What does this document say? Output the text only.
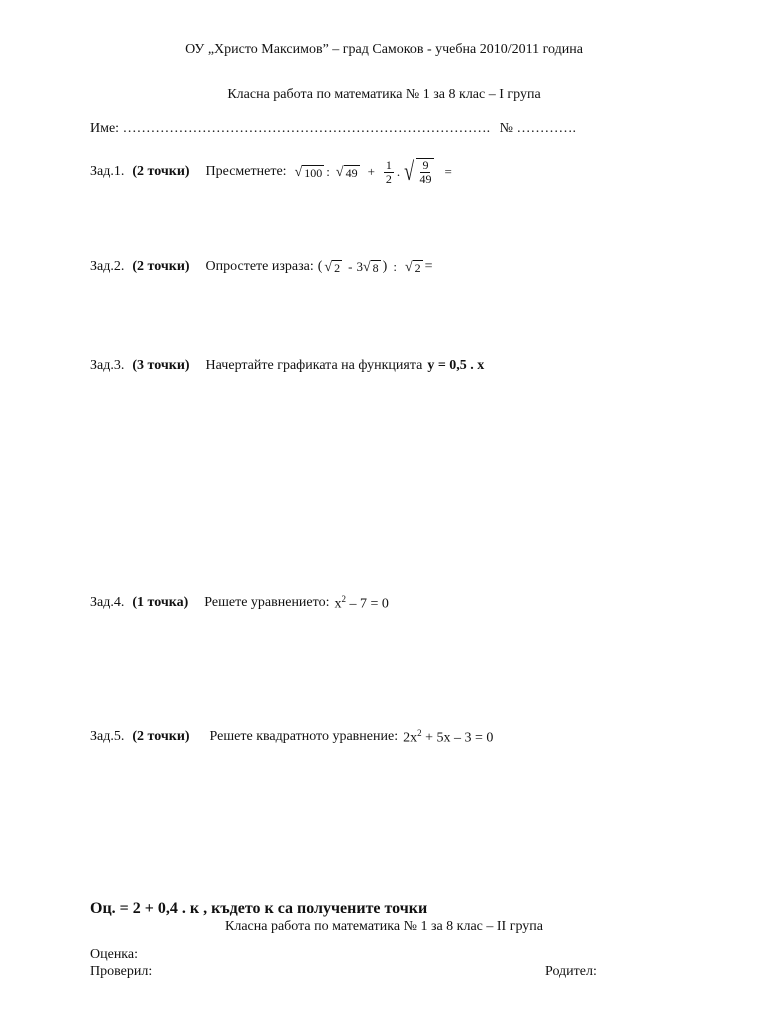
ОУ „Христо Максимов” – град Самоков - учебна 2010/2011 година
Класна работа по математика № 1 за 8 клас – I група
Име: ……………………………………………………………………. № ………….
Зад.1. (2 точки) Пресметнете: √ 100 : √ $49 + \frac{1}{2}$ . √ $\frac{9}{49}$ =
Зад.2. (2 точки) Опростете израза: ( √ 2 - 3 √ 8 ) : √ 2 =
Зад.3. (3 точки) Начертайте графиката на функцията y = 0,5 . x
Зад.4. (1 точка) Решете уравнението: $x^2 - 7 = 0$
Зад.5. (2 точки) Решете квадратното уравнение: $2x^2 + 5x - 3 = 0$
Оц. = 2 + 0,4 . к , където к са получените точки
Класна работа по математика № 1 за 8 клас – II група
Оценка:
Проверил:	Родител:
